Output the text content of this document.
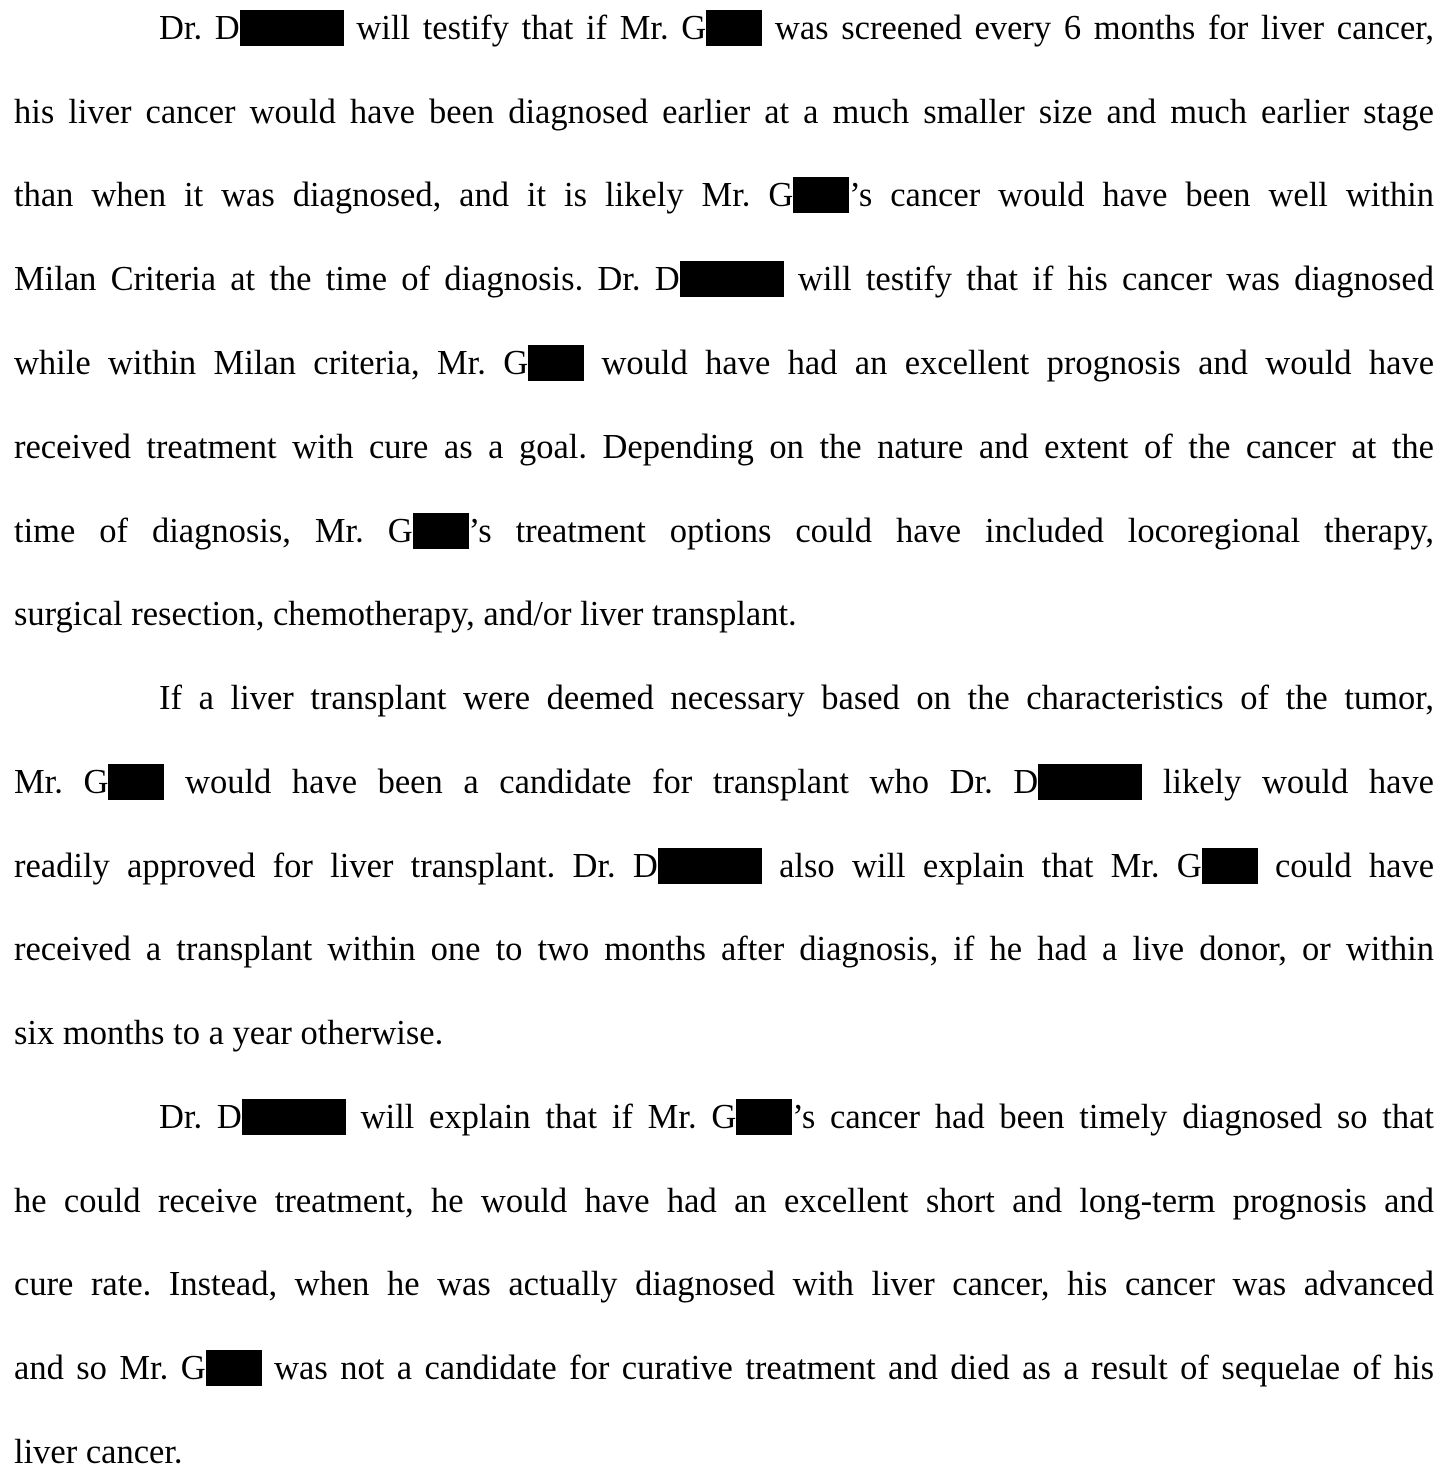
Dr. D	will testify that if Mr. G was screened every 6 months for liver cancer,
his liver cancer would have been diagnosed earlier at a much smaller size and much earlier stage
than when it was diagnosed, and it is likely Mr. G ’s cancer would have been well within
Milan Criteria at the time of diagnosis. Dr. D	will testify that if his cancer was diagnosed
while within Milan criteria, Mr. G would have had an excellent prognosis and would have
received treatment with cure as a goal. Depending on the nature and extent of the cancer at the
time of diagnosis, Mr. G ’s treatment options could have included locoregional therapy,
surgical resection, chemotherapy, and/or liver transplant.
If a liver transplant were deemed necessary based on the characteristics of the tumor,
Mr. G would have been a candidate for transplant who Dr. D	likely would have
readily approved for liver transplant. Dr. D	also will explain that Mr. G could have
received a transplant within one to two months after diagnosis, if he had a live donor, or within
six months to a year otherwise.
Dr. D	will explain that if Mr. G ’s cancer had been timely diagnosed so that
he could receive treatment, he would have had an excellent short and long-term prognosis and
cure rate. Instead, when he was actually diagnosed with liver cancer, his cancer was advanced
and so Mr. G was not a candidate for curative treatment and died as a result of sequelae of his
liver cancer.
